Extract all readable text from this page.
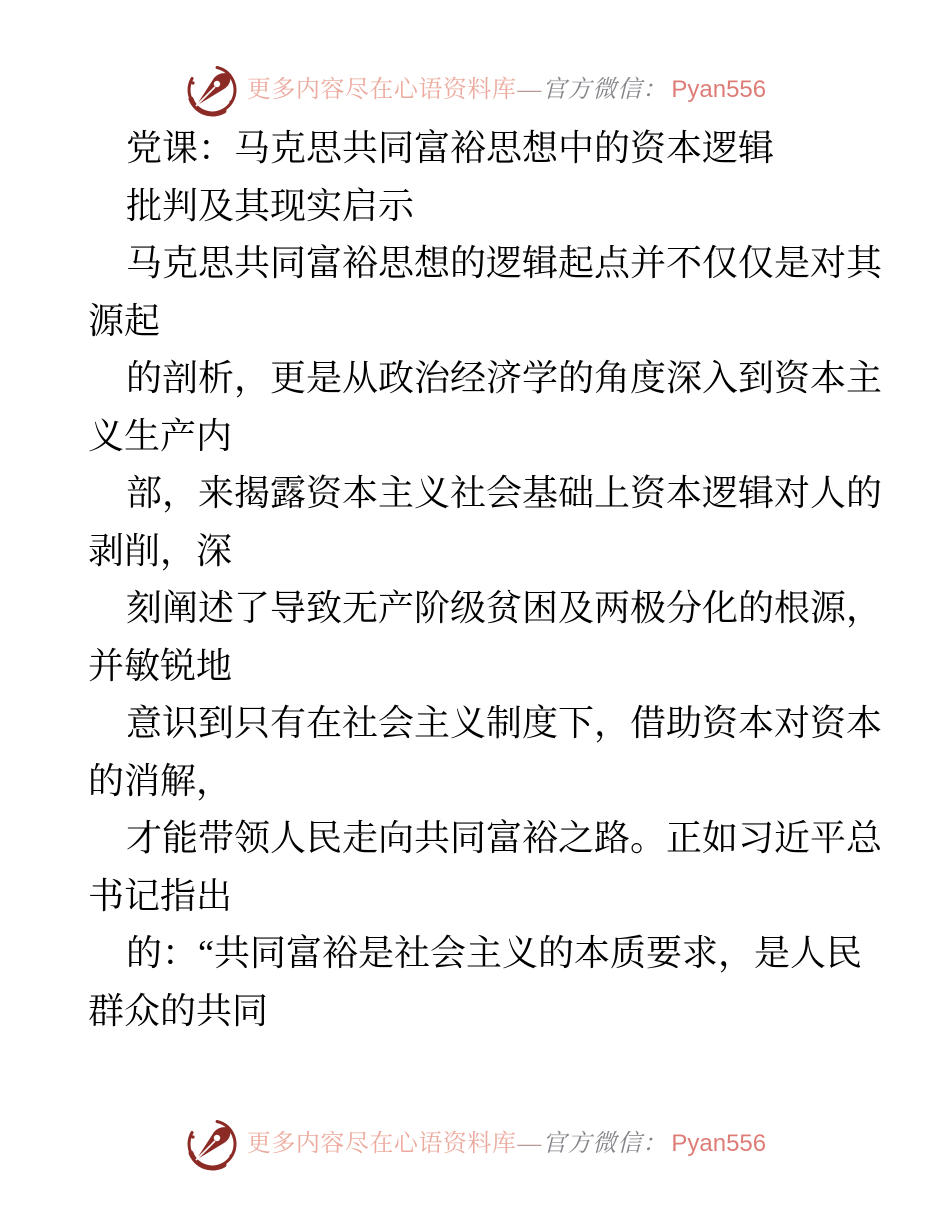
更多内容尽在心语资料库 — 官方微信： Pyan556
党课：马克思共同富裕思想中的资本逻辑
批判及其现实启示
马克思共同富裕思想的逻辑起点并不仅仅是对其
源起
的剖析，更是从政治经济学的角度深入到资本主
义生产内
部，来揭露资本主义社会基础上资本逻辑对人的
剥削，深
刻阐述了导致无产阶级贫困及两极分化的根源，
并敏锐地
意识到只有在社会主义制度下，借助资本对资本
的消解，
才能带领人民走向共同富裕之路。正如习近平总
书记指出
的：“共同富裕是社会主义的本质要求，是人民
群众的共同
更多内容尽在心语资料库 — 官方微信： Pyan556
